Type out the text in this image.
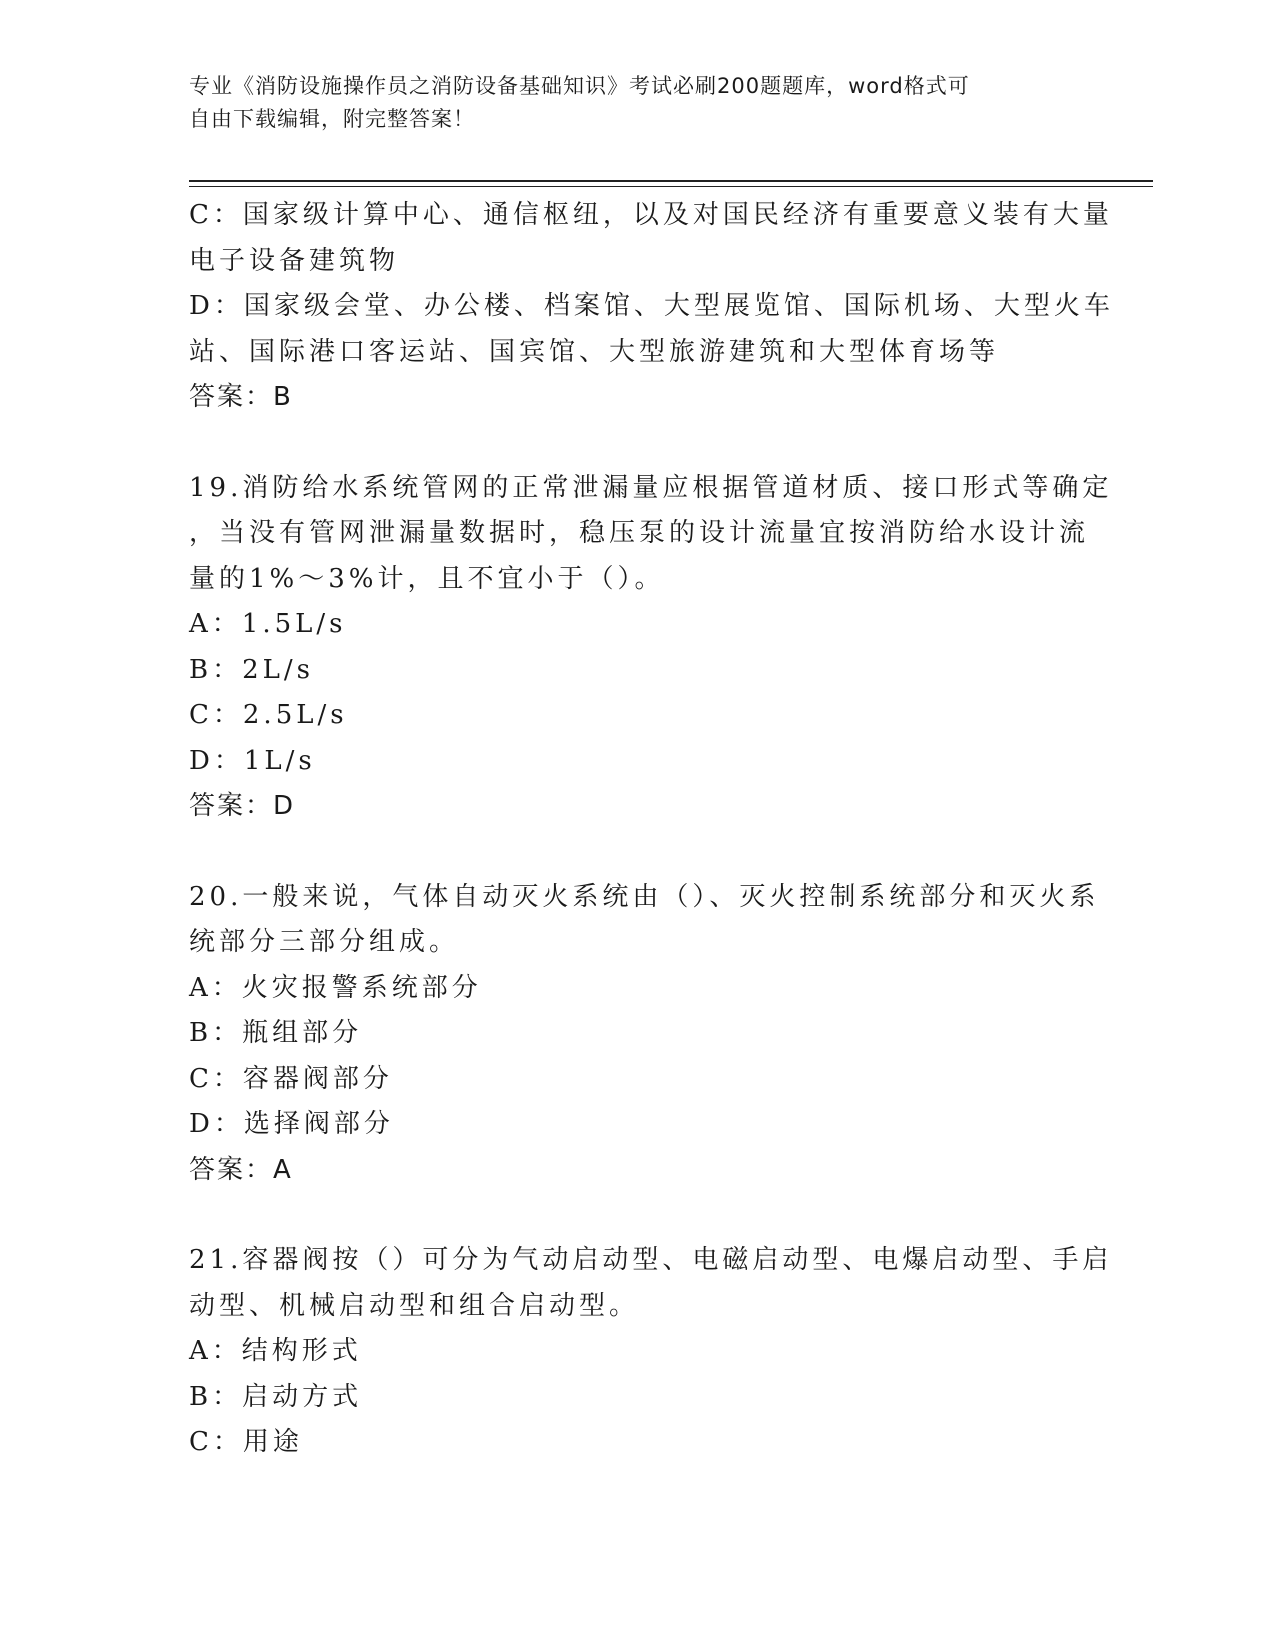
专业《消防设施操作员之消防设备基础知识》考试必刷200题题库，word格式可
自由下载编辑，附完整答案！
C：国家级计算中心、通信枢纽，以及对国民经济有重要意义装有大量
电子设备建筑物
D：国家级会堂、办公楼、档案馆、大型展览馆、国际机场、大型火车
站、国际港口客运站、国宾馆、大型旅游建筑和大型体育场等
答案：B
19.消防给水系统管网的正常泄漏量应根据管道材质、接口形式等确定
，当没有管网泄漏量数据时，稳压泵的设计流量宜按消防给水设计流
量的1%～3%计，且不宜小于（）。
A：1.5L/s
B：2L/s
C：2.5L/s
D：1L/s
答案：D
20.一般来说，气体自动灭火系统由（）、灭火控制系统部分和灭火系
统部分三部分组成。
A：火灾报警系统部分
B：瓶组部分
C：容器阀部分
D：选择阀部分
答案：A
21.容器阀按（）可分为气动启动型、电磁启动型、电爆启动型、手启
动型、机械启动型和组合启动型。
A：结构形式
B：启动方式
C：用途
